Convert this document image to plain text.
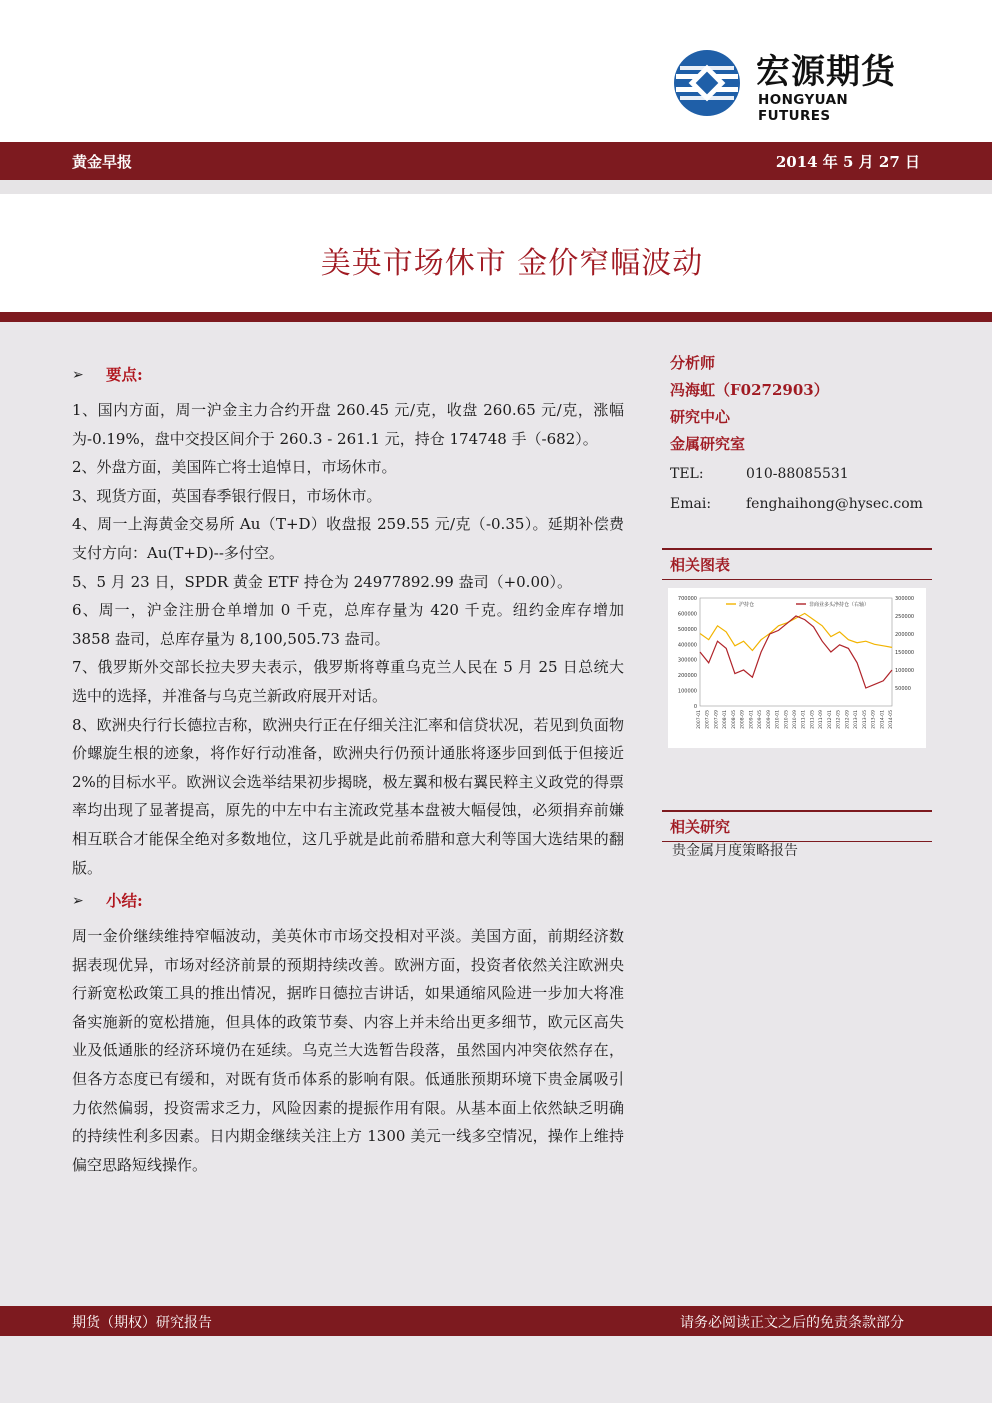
宏源期货
HONGYUAN FUTURES
黄金早报	2014 年 5 月 27 日
美英市场休市 金价窄幅波动
➢	要点:
1、国内方面，周一沪金主力合约开盘 260.45 元/克，收盘 260.65 元/克，涨幅为-0.19%，盘中交投区间介于 260.3 - 261.1 元，持仓 174748 手（-682）。
2、外盘方面，美国阵亡将士追悼日，市场休市。
3、现货方面，英国春季银行假日，市场休市。
4、周一上海黄金交易所 Au（T+D）收盘报 259.55 元/克（-0.35）。延期补偿费支付方向：Au(T+D)--多付空。
5、5 月 23 日，SPDR 黄金 ETF 持仓为 24977892.99 盎司（+0.00）。
6、周一，沪金注册仓单增加 0 千克，总库存量为 420 千克。纽约金库存增加 3858 盎司，总库存量为 8,100,505.73 盎司。
7、俄罗斯外交部长拉夫罗夫表示，俄罗斯将尊重乌克兰人民在 5 月 25 日总统大选中的选择，并准备与乌克兰新政府展开对话。
8、欧洲央行行长德拉吉称，欧洲央行正在仔细关注汇率和信贷状况，若见到负面物价螺旋生根的迹象，将作好行动准备，欧洲央行仍预计通胀将逐步回到低于但接近 2%的目标水平。欧洲议会选举结果初步揭晓，极左翼和极右翼民粹主义政党的得票率均出现了显著提高，原先的中左中右主流政党基本盘被大幅侵蚀，必须捐弃前嫌相互联合才能保全绝对多数地位，这几乎就是此前希腊和意大利等国大选结果的翻版。
➢	小结:
周一金价继续维持窄幅波动，美英休市市场交投相对平淡。美国方面，前期经济数据表现优异，市场对经济前景的预期持续改善。欧洲方面，投资者依然关注欧洲央行新宽松政策工具的推出情况，据昨日德拉吉讲话，如果通缩风险进一步加大将准备实施新的宽松措施，但具体的政策节奏、内容上并未给出更多细节，欧元区高失业及低通胀的经济环境仍在延续。乌克兰大选暂告段落，虽然国内冲突依然存在，但各方态度已有缓和，对既有货币体系的影响有限。低通胀预期环境下贵金属吸引力依然偏弱，投资需求乏力，风险因素的提振作用有限。从基本面上依然缺乏明确的持续性利多因素。日内期金继续关注上方 1300 美元一线多空情况，操作上维持偏空思路短线操作。
分析师
冯海虹（F0272903）
研究中心
金属研究室
TEL:	010-88085531
Emai:	fenghaihong@hysec.com
相关图表
700000
600000
500000
400000
300000
200000
100000
0
300000
250000
200000
150000
100000
50000
2007-01 2007-05 2007-09 2008-01 2008-05 2008-09 2009-01 2009-05 2009-09 2010-01 2010-05 2010-09 2011-01 2011-05 2011-09 2012-01 2012-05 2012-09 2013-01 2013-05 2013-09 2014-01 2014-05
沪持仓	非商业多头净持仓（右轴）
相关研究
贵金属月度策略报告
期货（期权）研究报告	请务必阅读正文之后的免责条款部分
